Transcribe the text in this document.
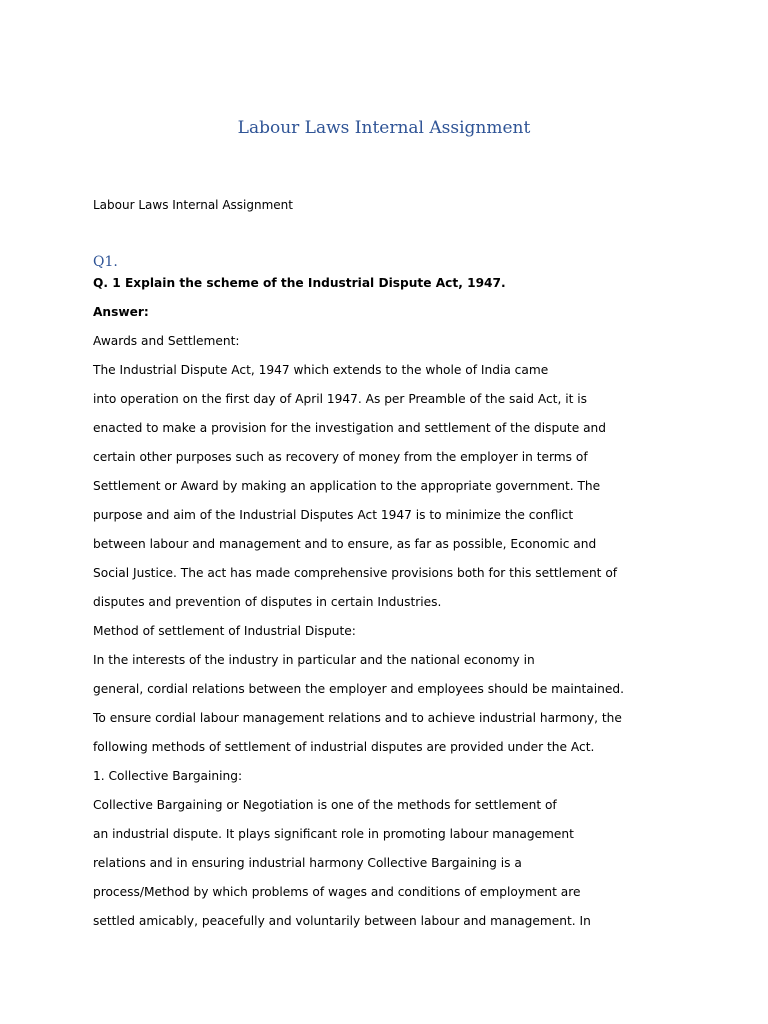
Labour Laws Internal Assignment
Labour Laws Internal Assignment
Q1.
Q. 1 Explain the scheme of the Industrial Dispute Act, 1947.
Answer:
Awards and Settlement:
The Industrial Dispute Act, 1947 which extends to the whole of India came
into operation on the first day of April 1947. As per Preamble of the said Act, it is
enacted to make a provision for the investigation and settlement of the dispute and
certain other purposes such as recovery of money from the employer in terms of
Settlement or Award by making an application to the appropriate government. The
purpose and aim of the Industrial Disputes Act 1947 is to minimize the conflict
between labour and management and to ensure, as far as possible, Economic and
Social Justice. The act has made comprehensive provisions both for this settlement of
disputes and prevention of disputes in certain Industries.
Method of settlement of Industrial Dispute:
In the interests of the industry in particular and the national economy in
general, cordial relations between the employer and employees should be maintained.
To ensure cordial labour management relations and to achieve industrial harmony, the
following methods of settlement of industrial disputes are provided under the Act.
1. Collective Bargaining:
Collective Bargaining or Negotiation is one of the methods for settlement of
an industrial dispute. It plays significant role in promoting labour management
relations and in ensuring industrial harmony Collective Bargaining is a
process/Method by which problems of wages and conditions of employment are
settled amicably, peacefully and voluntarily between labour and management. In
